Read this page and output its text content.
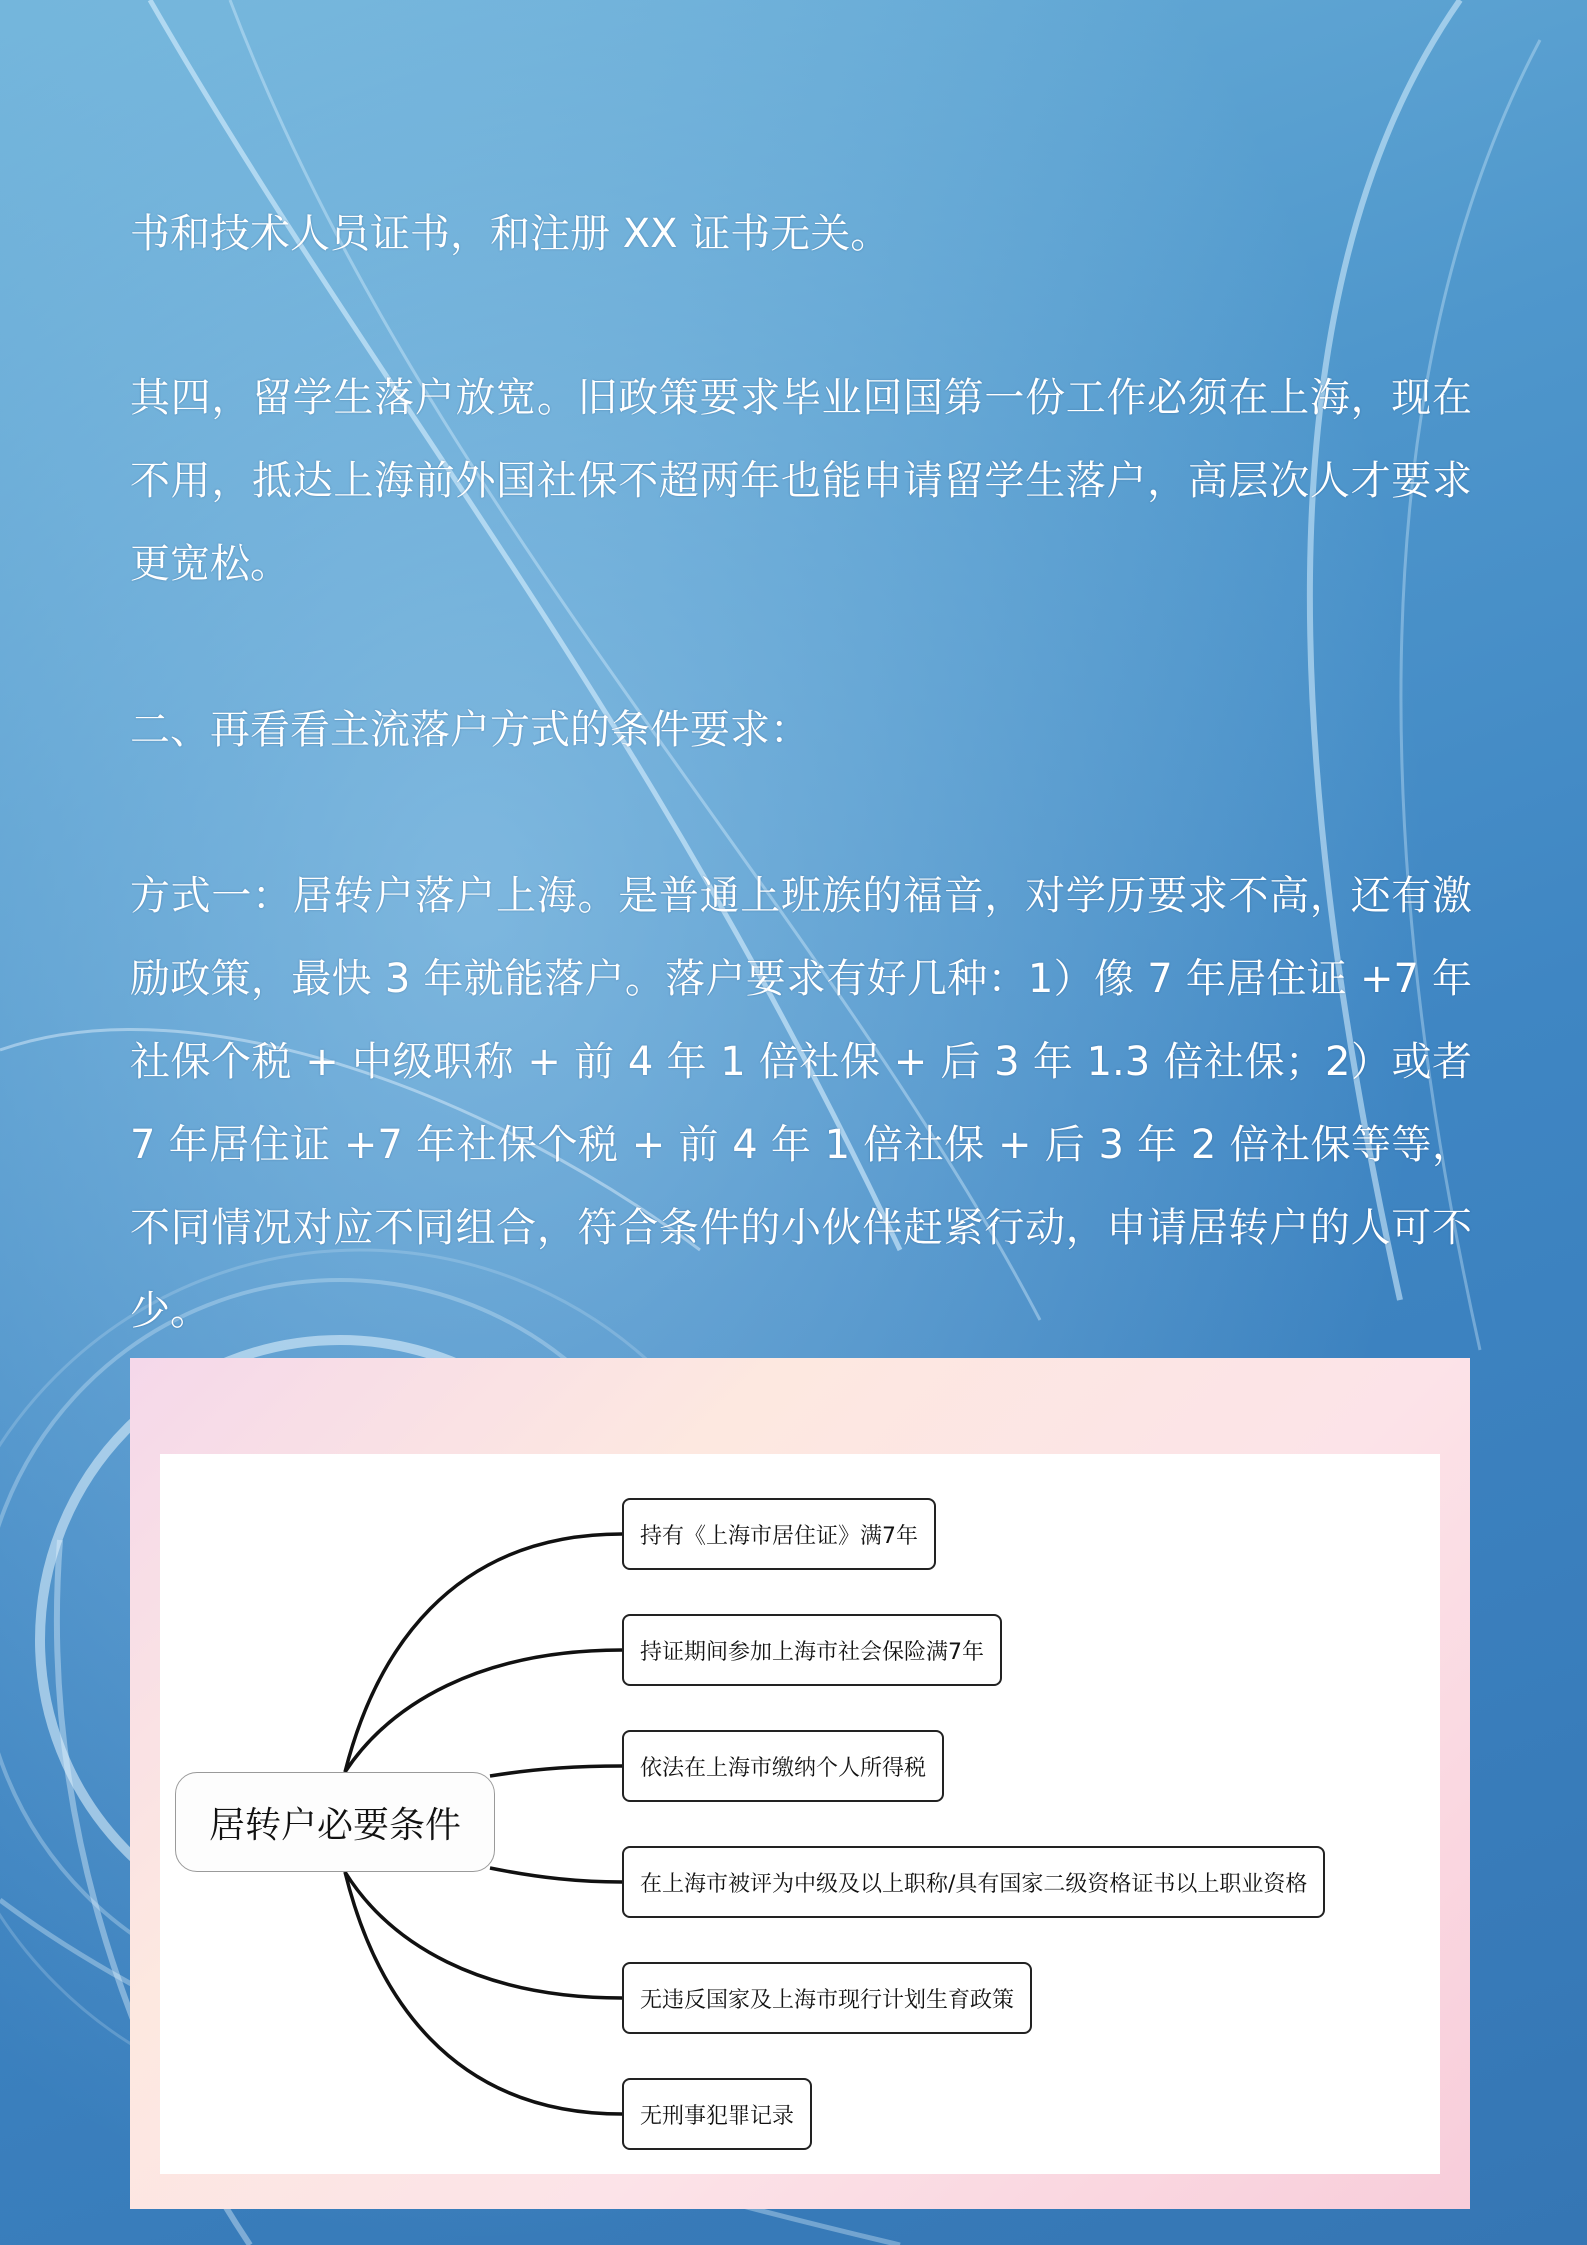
书和技术人员证书，和注册 XX 证书无关。
其四，留学生落户放宽。旧政策要求毕业回国第一份工作必须在上海，现在不用，抵达上海前外国社保不超两年也能申请留学生落户，高层次人才要求更宽松。
二、再看看主流落户方式的条件要求：
方式一：居转户落户上海。是普通上班族的福音，对学历要求不高，还有激励政策，最快 3 年就能落户。落户要求有好几种：1）像 7 年居住证 +7 年社保个税 + 中级职称 + 前 4 年 1 倍社保 + 后 3 年 1.3 倍社保；2）或者 7 年居住证 +7 年社保个税 + 前 4 年 1 倍社保 + 后 3 年 2 倍社保等等，不同情况对应不同组合，符合条件的小伙伴赶紧行动，申请居转户的人可不少。
居转户必要条件
持有《上海市居住证》满7年
持证期间参加上海市社会保险满7年
依法在上海市缴纳个人所得税
在上海市被评为中级及以上职称/具有国家二级资格证书以上职业资格
无违反国家及上海市现行计划生育政策
无刑事犯罪记录
